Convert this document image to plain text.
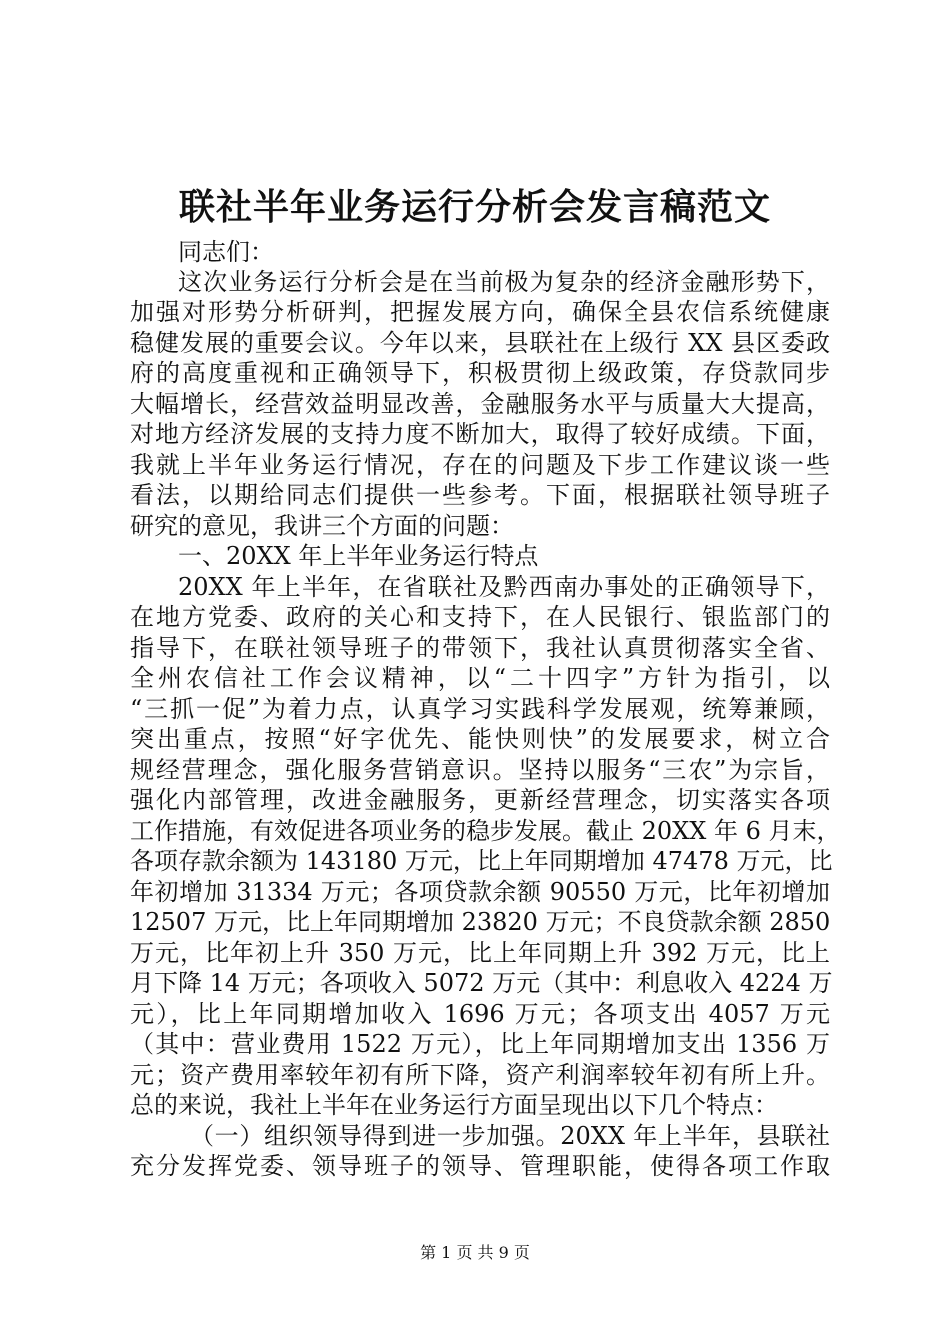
联社半年业务运行分析会发言稿范文
同志们：
这次业务运行分析会是在当前极为复杂的经济金融形势下，
加强对形势分析研判，把握发展方向，确保全县农信系统健康
稳健发展的重要会议。今年以来，县联社在上级行 XX 县区委政
府的高度重视和正确领导下，积极贯彻上级政策，存贷款同步
大幅增长，经营效益明显改善，金融服务水平与质量大大提高，
对地方经济发展的支持力度不断加大，取得了较好成绩。下面，
我就上半年业务运行情况，存在的问题及下步工作建议谈一些
看法，以期给同志们提供一些参考。下面，根据联社领导班子
研究的意见，我讲三个方面的问题：
一、20XX 年上半年业务运行特点
20XX 年上半年，在省联社及黔西南办事处的正确领导下，
在地方党委、政府的关心和支持下，在人民银行、银监部门的
指导下，在联社领导班子的带领下，我社认真贯彻落实全省、
全州农信社工作会议精神，以“二十四字”方针为指引，以
“三抓一促”为着力点，认真学习实践科学发展观，统筹兼顾，
突出重点，按照“好字优先、能快则快”的发展要求，树立合
规经营理念，强化服务营销意识。坚持以服务“三农”为宗旨，
强化内部管理，改进金融服务，更新经营理念，切实落实各项
工作措施，有效促进各项业务的稳步发展。截止 20XX 年 6 月末，
各项存款余额为 143180 万元，比上年同期增加 47478 万元，比
年初增加 31334 万元；各项贷款余额 90550 万元，比年初增加
12507 万元，比上年同期增加 23820 万元；不良贷款余额 2850
万元，比年初上升 350 万元，比上年同期上升 392 万元，比上
月下降 14 万元；各项收入 5072 万元（其中：利息收入 4224 万
元），比上年同期增加收入 1696 万元；各项支出 4057 万元
（其中：营业费用 1522 万元），比上年同期增加支出 1356 万
元；资产费用率较年初有所下降，资产利润率较年初有所上升。
总的来说，我社上半年在业务运行方面呈现出以下几个特点：
（一）组织领导得到进一步加强。20XX 年上半年，县联社
充分发挥党委、领导班子的领导、管理职能，使得各项工作取
第 1 页 共 9 页
